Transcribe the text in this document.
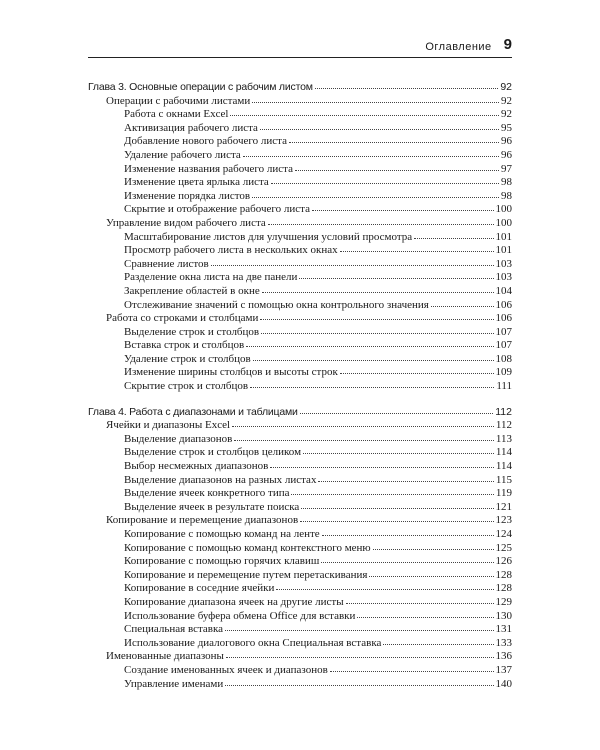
Оглавление 9
Глава 3. Основные операции с рабочим листом	92
Операции с рабочими листами	92
Работа с окнами Excel	92
Активизация рабочего листа	95
Добавление нового рабочего листа	96
Удаление рабочего листа	96
Изменение названия рабочего листа	97
Изменение цвета ярлыка листа	98
Изменение порядка листов	98
Скрытие и отображение рабочего листа	100
Управление видом рабочего листа	100
Масштабирование листов для улучшения условий просмотра	101
Просмотр рабочего листа в нескольких окнах	101
Сравнение листов	103
Разделение окна листа на две панели	103
Закрепление областей в окне	104
Отслеживание значений с помощью окна контрольного значения	106
Работа со строками и столбцами	106
Выделение строк и столбцов	107
Вставка строк и столбцов	107
Удаление строк и столбцов	108
Изменение ширины столбцов и высоты строк	109
Скрытие строк и столбцов	111
Глава 4. Работа с диапазонами и таблицами	112
Ячейки и диапазоны Excel	112
Выделение диапазонов	113
Выделение строк и столбцов целиком	114
Выбор несмежных диапазонов	114
Выделение диапазонов на разных листах	115
Выделение ячеек конкретного типа	119
Выделение ячеек в результате поиска	121
Копирование и перемещение диапазонов	123
Копирование с помощью команд на ленте	124
Копирование с помощью команд контекстного меню	125
Копирование с помощью горячих клавиш	126
Копирование и перемещение путем перетаскивания	128
Копирование в соседние ячейки	128
Копирование диапазона ячеек на другие листы	129
Использование буфера обмена Office для вставки	130
Специальная вставка	131
Использование диалогового окна Специальная вставка	133
Именованные диапазоны	136
Создание именованных ячеек и диапазонов	137
Управление именами	140
